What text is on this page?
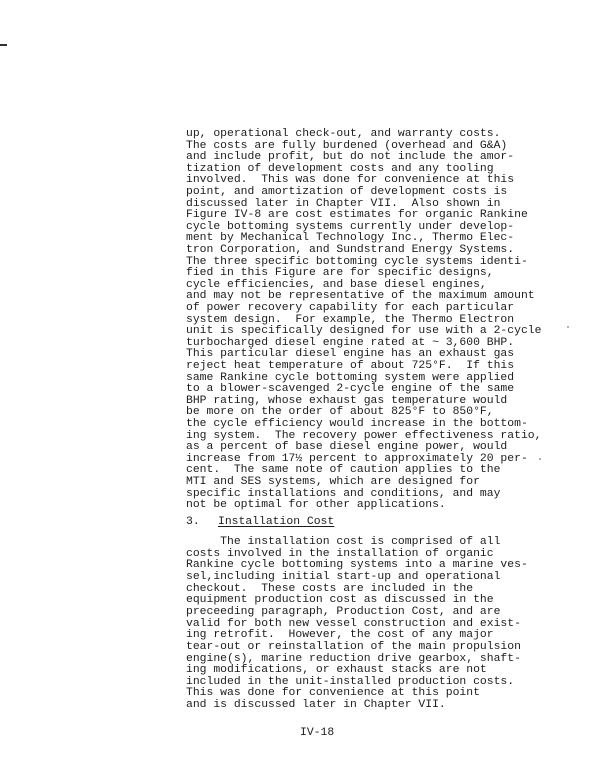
up, operational check-out, and warranty costs.
The costs are fully burdened (overhead and G&A)
and include profit, but do not include the amor-
tization of development costs and any tooling
involved.  This was done for convenience at this
point, and amortization of development costs is
discussed later in Chapter VII.  Also shown in
Figure IV-8 are cost estimates for organic Rankine
cycle bottoming systems currently under develop-
ment by Mechanical Technology Inc., Thermo Elec-
tron Corporation, and Sundstrand Energy Systems.
The three specific bottoming cycle systems identi-
fied in this Figure are for specific designs,
cycle efficiencies, and base diesel engines,
and may not be representative of the maximum amount
of power recovery capability for each particular
system design.  For example, the Thermo Electron
unit is specifically designed for use with a 2-cycle
turbocharged diesel engine rated at ~ 3,600 BHP.
This particular diesel engine has an exhaust gas
reject heat temperature of about 725°F.  If this
same Rankine cycle bottoming system were applied
to a blower-scavenged 2-cycle engine of the same
BHP rating, whose exhaust gas temperature would
be more on the order of about 825°F to 850°F,
the cycle efficiency would increase in the bottom-
ing system.  The recovery power effectiveness ratio,
as a percent of base diesel engine power, would
increase from 17½ percent to approximately 20 per-
cent.  The same note of caution applies to the
MTI and SES systems, which are designed for
specific installations and conditions, and may
not be optimal for other applications.
3. Installation Cost
The installation cost is comprised of all
costs involved in the installation of organic
Rankine cycle bottoming systems into a marine ves-
sel,including initial start-up and operational
checkout.  These costs are included in the
equipment production cost as discussed in the
preceeding paragraph, Production Cost, and are
valid for both new vessel construction and exist-
ing retrofit.  However, the cost of any major
tear-out or reinstallation of the main propulsion
engine(s), marine reduction drive gearbox, shaft-
ing modifications, or exhaust stacks are not
included in the unit-installed production costs.
This was done for convenience at this point
and is discussed later in Chapter VII.
IV-18
